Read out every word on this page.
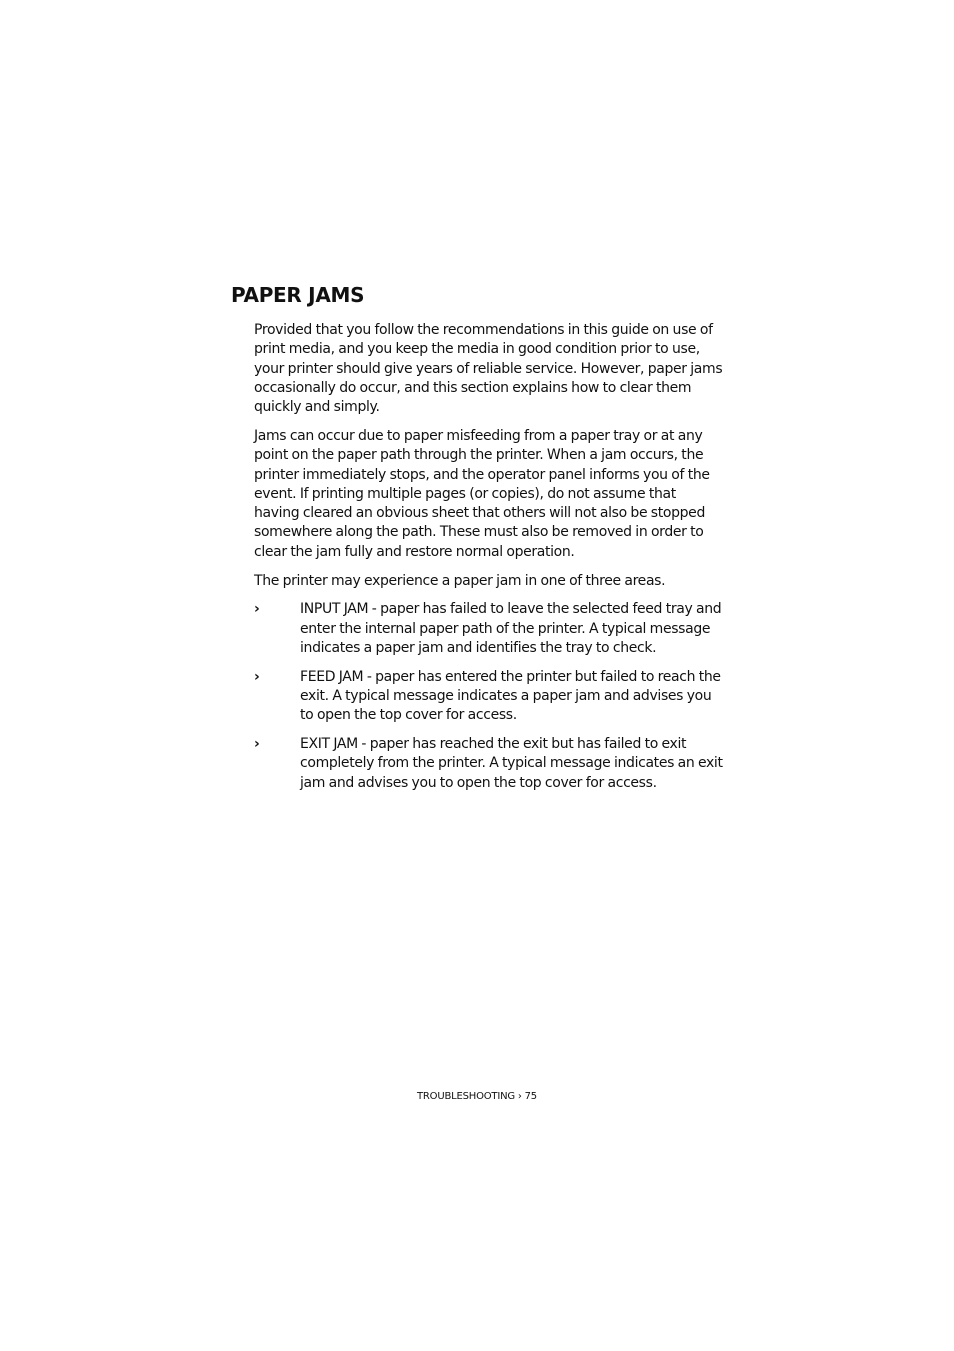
PAPER JAMS

Provided that you follow the recommendations in this guide on use of print media, and you keep the media in good condition prior to use, your printer should give years of reliable service. However, paper jams occasionally do occur, and this section explains how to clear them quickly and simply.

Jams can occur due to paper misfeeding from a paper tray or at any point on the paper path through the printer. When a jam occurs, the printer immediately stops, and the operator panel informs you of the event. If printing multiple pages (or copies), do not assume that having cleared an obvious sheet that others will not also be stopped somewhere along the path. These must also be removed in order to clear the jam fully and restore normal operation.

The printer may experience a paper jam in one of three areas.

›	INPUT JAM - paper has failed to leave the selected feed tray and enter the internal paper path of the printer. A typical message indicates a paper jam and identifies the tray to check.
›	FEED JAM - paper has entered the printer but failed to reach the exit. A typical message indicates a paper jam and advises you to open the top cover for access.
›	EXIT JAM - paper has reached the exit but has failed to exit completely from the printer. A typical message indicates an exit jam and advises you to open the top cover for access.
TROUBLESHOOTING › 75
